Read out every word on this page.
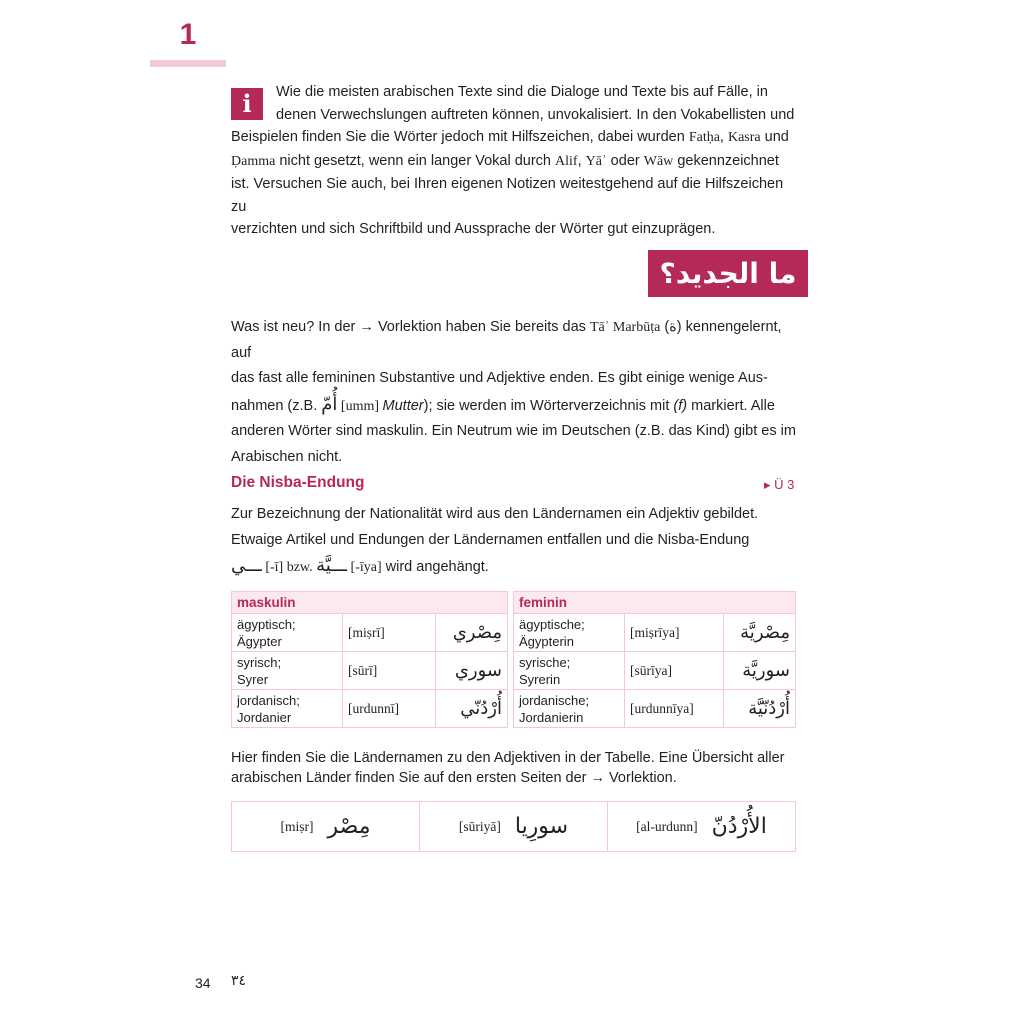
1
i	Wie die meisten arabischen Texte sind die Dialoge und Texte bis auf Fälle, in
denen Verwechslungen auftreten können, unvokalisiert. In den Vokabellisten und
Beispielen finden Sie die Wörter jedoch mit Hilfszeichen, dabei wurden Fatḥa, Kasra und
Ḍamma nicht gesetzt, wenn ein langer Vokal durch Alif, Yāʾ oder Wāw gekennzeichnet
ist. Versuchen Sie auch, bei Ihren eigenen Notizen weitestgehend auf die Hilfszeichen zu
verzichten und sich Schriftbild und Aussprache der Wörter gut einzuprägen.
ما الجديد؟
Was ist neu? In der → Vorlektion haben Sie bereits das Tāʾ Marbūṭa (ة) kennengelernt, auf
das fast alle femininen Substantive und Adjektive enden. Es gibt einige wenige Aus-
nahmen (z.B. أُمّ [umm] Mutter); sie werden im Wörterverzeichnis mit (f) markiert. Alle
anderen Wörter sind maskulin. Ein Neutrum wie im Deutschen (z.B. das Kind) gibt es im
Arabischen nicht.
Die Nisba-Endung	▸ Ü 3
Zur Bezeichnung der Nationalität wird aus den Ländernamen ein Adjektiv gebildet.
Etwaige Artikel und Endungen der Ländernamen entfallen und die Nisba-Endung
ـــي [-ī] bzw. ـــيَّة [-īya] wird angehängt.
maskulin		
ägyptisch;
Ägypter	[miṣrī]	مِصْري
syrisch;
Syrer	[sūrī]	سوري
jordanisch;
Jordanier	[urdunnī]	أُرْدُنّي
feminin		
ägyptische;
Ägypterin	[miṣrīya]	مِصْريَّة
syrische;
Syrerin	[sūrīya]	سوريَّة
jordanische;
Jordanierin	[urdunnīya]	أُرْدُنّيَّة
Hier finden Sie die Ländernamen zu den Adjektiven in der Tabelle. Eine Übersicht aller
arabischen Länder finden Sie auf den ersten Seiten der → Vorlektion.
[miṣr] مِصْر	[sūriyā] سورِيا	[al-urdunn] الأُرْدُنّ
34 ٣٤
